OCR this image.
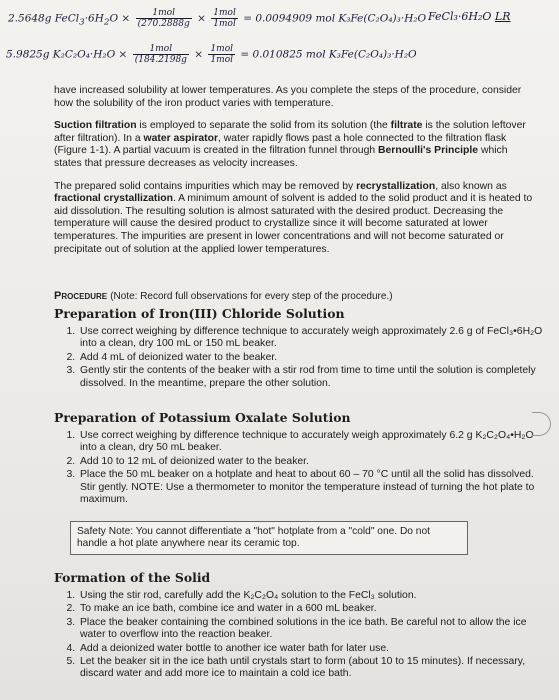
2.5648g $FeCl_3\cdot 6H_2O \times \frac{\text{1mol}}{(270.2888g} \times \frac{\text{1mol}}{\text{1mol}} = 0.0094909$ mol K₃Fe(C₂O₄)₃·H₂O FeCl₃·6H₂O LR
5.9825g $K_2C_2O_4\cdot H_2O \times \frac{\text{1mol}}{(184.2198g} \times \frac{\text{1mol}}{\text{1mol}} = 0.010825$ mol K₃Fe(C₂O₄)₃·H₂O

have increased solubility at lower temperatures. As you complete the steps of the procedure, consider how the solubility of the iron product varies with temperature.

Suction filtration is employed to separate the solid from its solution (the filtrate is the solution leftover after filtration). In a water aspirator, water rapidly flows past a hole connected to the filtration flask (Figure 1-1). A partial vacuum is created in the filtration funnel through Bernoulli's Principle which states that pressure decreases as velocity increases.

The prepared solid contains impurities which may be removed by recrystallization, also known as fractional crystallization. A minimum amount of solvent is added to the solid product and it is heated to aid dissolution. The resulting solution is almost saturated with the desired product. Decreasing the temperature will cause the desired product to crystallize since it will become saturated at lower temperatures. The impurities are present in lower concentrations and will not become saturated or precipitate out of solution at the applied lower temperatures.

Procedure (Note: Record full observations for every step of the procedure.)
Preparation of Iron(III) Chloride Solution
1. Use correct weighing by difference technique to accurately weigh approximately 2.6 g of FeCl₃•6H₂O into a clean, dry 100 mL or 150 mL beaker.
2. Add 4 mL of deionized water to the beaker.
3. Gently stir the contents of the beaker with a stir rod from time to time until the solution is completely dissolved. In the meantime, prepare the other solution.
Preparation of Potassium Oxalate Solution
1. Use correct weighing by difference technique to accurately weigh approximately 6.2 g K₂C₂O₄•H₂O into a clean, dry 50 mL beaker.
2. Add 10 to 12 mL of deionized water to the beaker.
3. Place the 50 mL beaker on a hotplate and heat to about 60 – 70 °C until all the solid has dissolved. Stir gently. NOTE: Use a thermometer to monitor the temperature instead of turning the hot plate to maximum.
Safety Note: You cannot differentiate a "hot" hotplate from a "cold" one. Do not handle a hot plate anywhere near its ceramic top.
Formation of the Solid
1. Using the stir rod, carefully add the K₂C₂O₄ solution to the FeCl₃ solution.
2. To make an ice bath, combine ice and water in a 600 mL beaker.
3. Place the beaker containing the combined solutions in the ice bath. Be careful not to allow the ice water to overflow into the reaction beaker.
4. Add a deionized water bottle to another ice water bath for later use.
5. Let the beaker sit in the ice bath until crystals start to form (about 10 to 15 minutes). If necessary, discard water and add more ice to maintain a cold ice bath.
